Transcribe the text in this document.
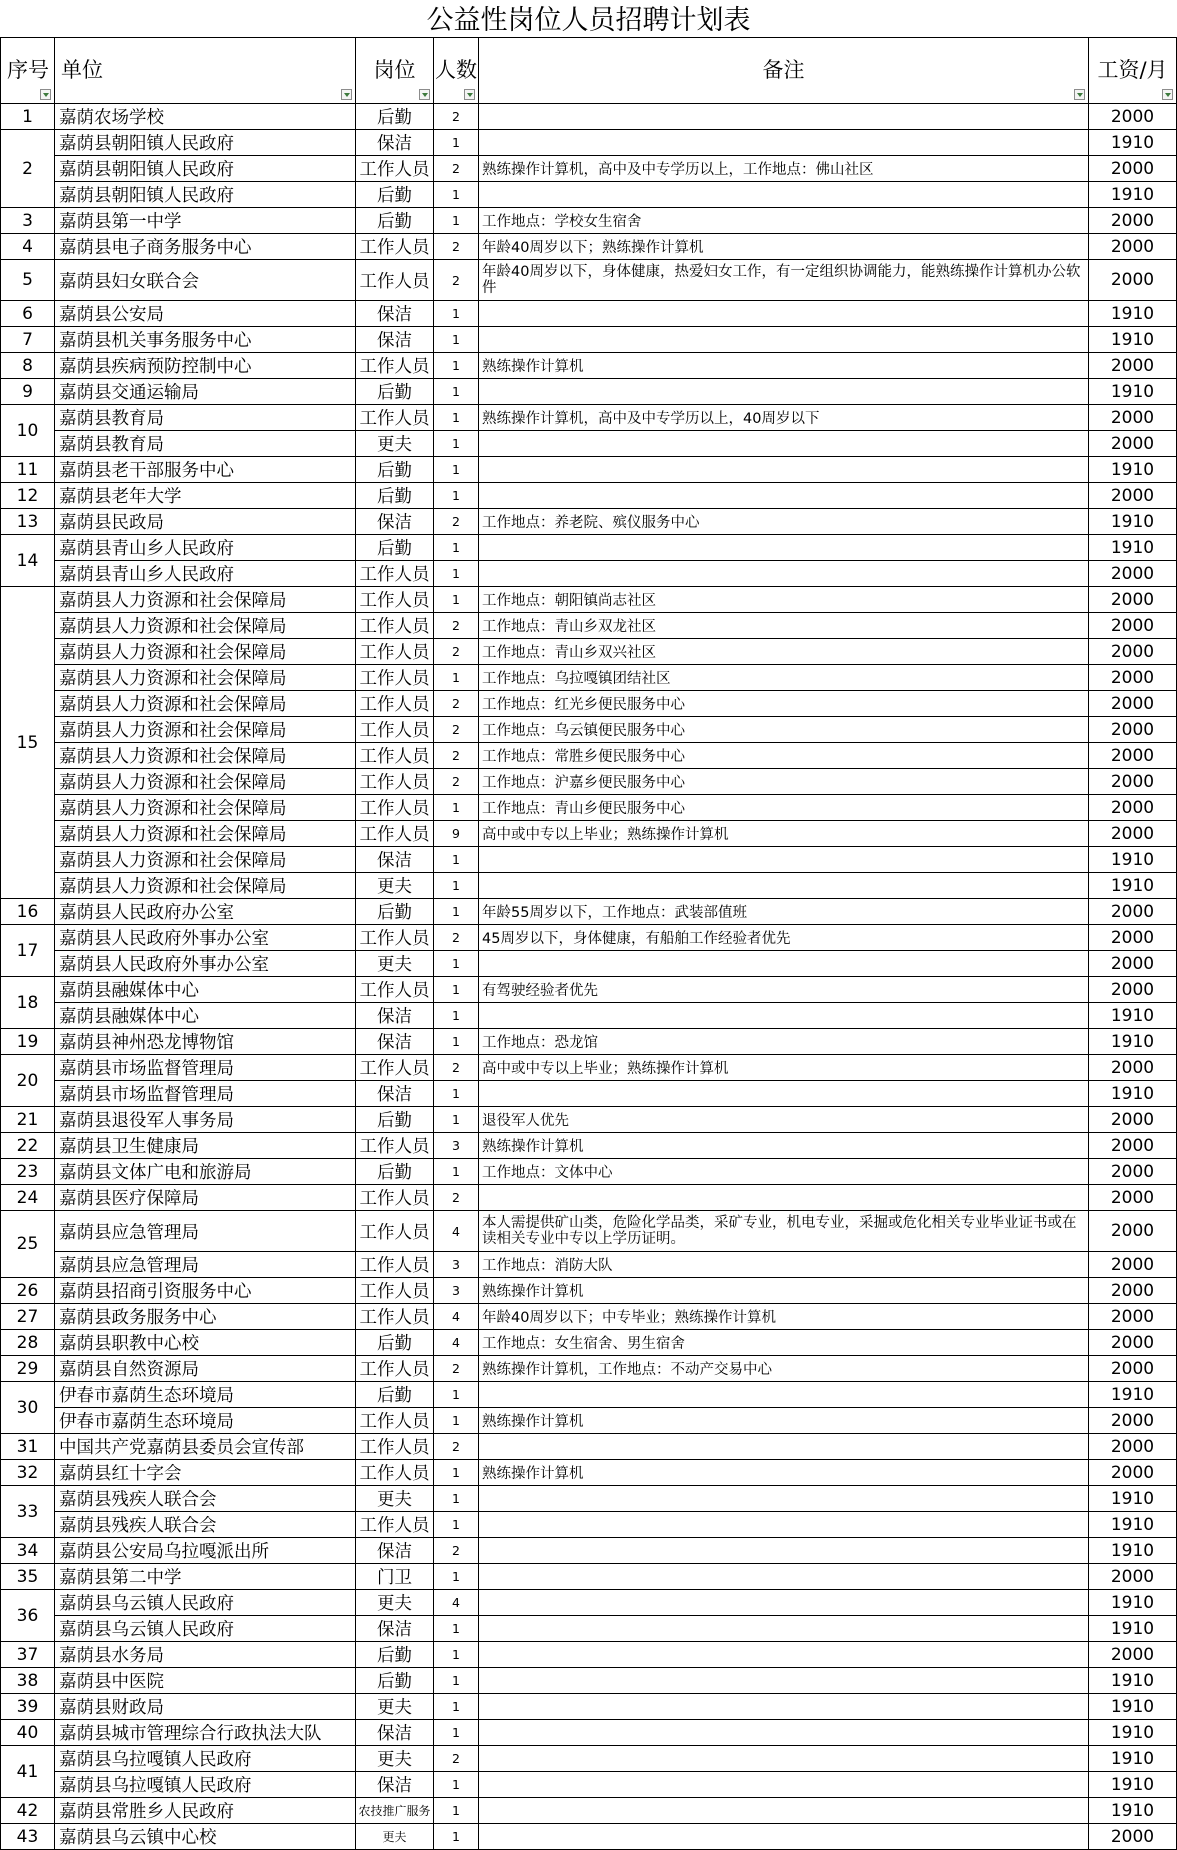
公益性岗位人员招聘计划表
序号	单位	岗位	人数	备注	工资/月

1	嘉荫农场学校	后勤	2		2000
2	嘉荫县朝阳镇人民政府	保洁	1		1910
	嘉荫县朝阳镇人民政府	工作人员	2	熟练操作计算机，高中及中专学历以上，工作地点：佛山社区	2000
	嘉荫县朝阳镇人民政府	后勤	1		1910
3	嘉荫县第一中学	后勤	1	工作地点：学校女生宿舍	2000
4	嘉荫县电子商务服务中心	工作人员	2	年龄40周岁以下；熟练操作计算机	2000
5	嘉荫县妇女联合会	工作人员	2	年龄40周岁以下，身体健康，热爱妇女工作，有一定组织协调能力，能熟练操作计算机办公软件	2000
6	嘉荫县公安局	保洁	1		1910
7	嘉荫县机关事务服务中心	保洁	1		1910
8	嘉荫县疾病预防控制中心	工作人员	1	熟练操作计算机	2000
9	嘉荫县交通运输局	后勤	1		1910
10	嘉荫县教育局	工作人员	1	熟练操作计算机，高中及中专学历以上，40周岁以下	2000
	嘉荫县教育局	更夫	1		2000
11	嘉荫县老干部服务中心	后勤	1		1910
12	嘉荫县老年大学	后勤	1		2000
13	嘉荫县民政局	保洁	2	工作地点：养老院、殡仪服务中心	1910
14	嘉荫县青山乡人民政府	后勤	1		1910
	嘉荫县青山乡人民政府	工作人员	1		2000
15	嘉荫县人力资源和社会保障局	工作人员	1	工作地点：朝阳镇尚志社区	2000
	嘉荫县人力资源和社会保障局	工作人员	2	工作地点：青山乡双龙社区	2000
	嘉荫县人力资源和社会保障局	工作人员	2	工作地点：青山乡双兴社区	2000
	嘉荫县人力资源和社会保障局	工作人员	1	工作地点：乌拉嘎镇团结社区	2000
	嘉荫县人力资源和社会保障局	工作人员	2	工作地点：红光乡便民服务中心	2000
	嘉荫县人力资源和社会保障局	工作人员	2	工作地点：乌云镇便民服务中心	2000
	嘉荫县人力资源和社会保障局	工作人员	2	工作地点：常胜乡便民服务中心	2000
	嘉荫县人力资源和社会保障局	工作人员	2	工作地点：沪嘉乡便民服务中心	2000
	嘉荫县人力资源和社会保障局	工作人员	1	工作地点：青山乡便民服务中心	2000
	嘉荫县人力资源和社会保障局	工作人员	9	高中或中专以上毕业；熟练操作计算机	2000
	嘉荫县人力资源和社会保障局	保洁	1		1910
	嘉荫县人力资源和社会保障局	更夫	1		1910
16	嘉荫县人民政府办公室	后勤	1	年龄55周岁以下，工作地点：武装部值班	2000
17	嘉荫县人民政府外事办公室	工作人员	2	45周岁以下，身体健康，有船舶工作经验者优先	2000
	嘉荫县人民政府外事办公室	更夫	1		2000
18	嘉荫县融媒体中心	工作人员	1	有驾驶经验者优先	2000
	嘉荫县融媒体中心	保洁	1		1910
19	嘉荫县神州恐龙博物馆	保洁	1	工作地点：恐龙馆	1910
20	嘉荫县市场监督管理局	工作人员	2	高中或中专以上毕业；熟练操作计算机	2000
	嘉荫县市场监督管理局	保洁	1		1910
21	嘉荫县退役军人事务局	后勤	1	退役军人优先	2000
22	嘉荫县卫生健康局	工作人员	3	熟练操作计算机	2000
23	嘉荫县文体广电和旅游局	后勤	1	工作地点：文体中心	2000
24	嘉荫县医疗保障局	工作人员	2		2000
25	嘉荫县应急管理局	工作人员	4	本人需提供矿山类，危险化学品类，采矿专业，机电专业，采掘或危化相关专业毕业证书或在读相关专业中专以上学历证明。	2000
	嘉荫县应急管理局	工作人员	3	工作地点：消防大队	2000
26	嘉荫县招商引资服务中心	工作人员	3	熟练操作计算机	2000
27	嘉荫县政务服务中心	工作人员	4	年龄40周岁以下；中专毕业；熟练操作计算机	2000
28	嘉荫县职教中心校	后勤	4	工作地点：女生宿舍、男生宿舍	2000
29	嘉荫县自然资源局	工作人员	2	熟练操作计算机，工作地点：不动产交易中心	2000
30	伊春市嘉荫生态环境局	后勤	1		1910
	伊春市嘉荫生态环境局	工作人员	1	熟练操作计算机	2000
31	中国共产党嘉荫县委员会宣传部	工作人员	2		2000
32	嘉荫县红十字会	工作人员	1	熟练操作计算机	2000
33	嘉荫县残疾人联合会	更夫	1		1910
	嘉荫县残疾人联合会	工作人员	1		1910
34	嘉荫县公安局乌拉嘎派出所	保洁	2		1910
35	嘉荫县第二中学	门卫	1		2000
36	嘉荫县乌云镇人民政府	更夫	4		1910
	嘉荫县乌云镇人民政府	保洁	1		1910
37	嘉荫县水务局	后勤	1		2000
38	嘉荫县中医院	后勤	1		1910
39	嘉荫县财政局	更夫	1		1910
40	嘉荫县城市管理综合行政执法大队	保洁	1		1910
41	嘉荫县乌拉嘎镇人民政府	更夫	2		1910
	嘉荫县乌拉嘎镇人民政府	保洁	1		1910
42	嘉荫县常胜乡人民政府	农技推广服务	1		1910
43	嘉荫县乌云镇中心校	更夫	1		2000
